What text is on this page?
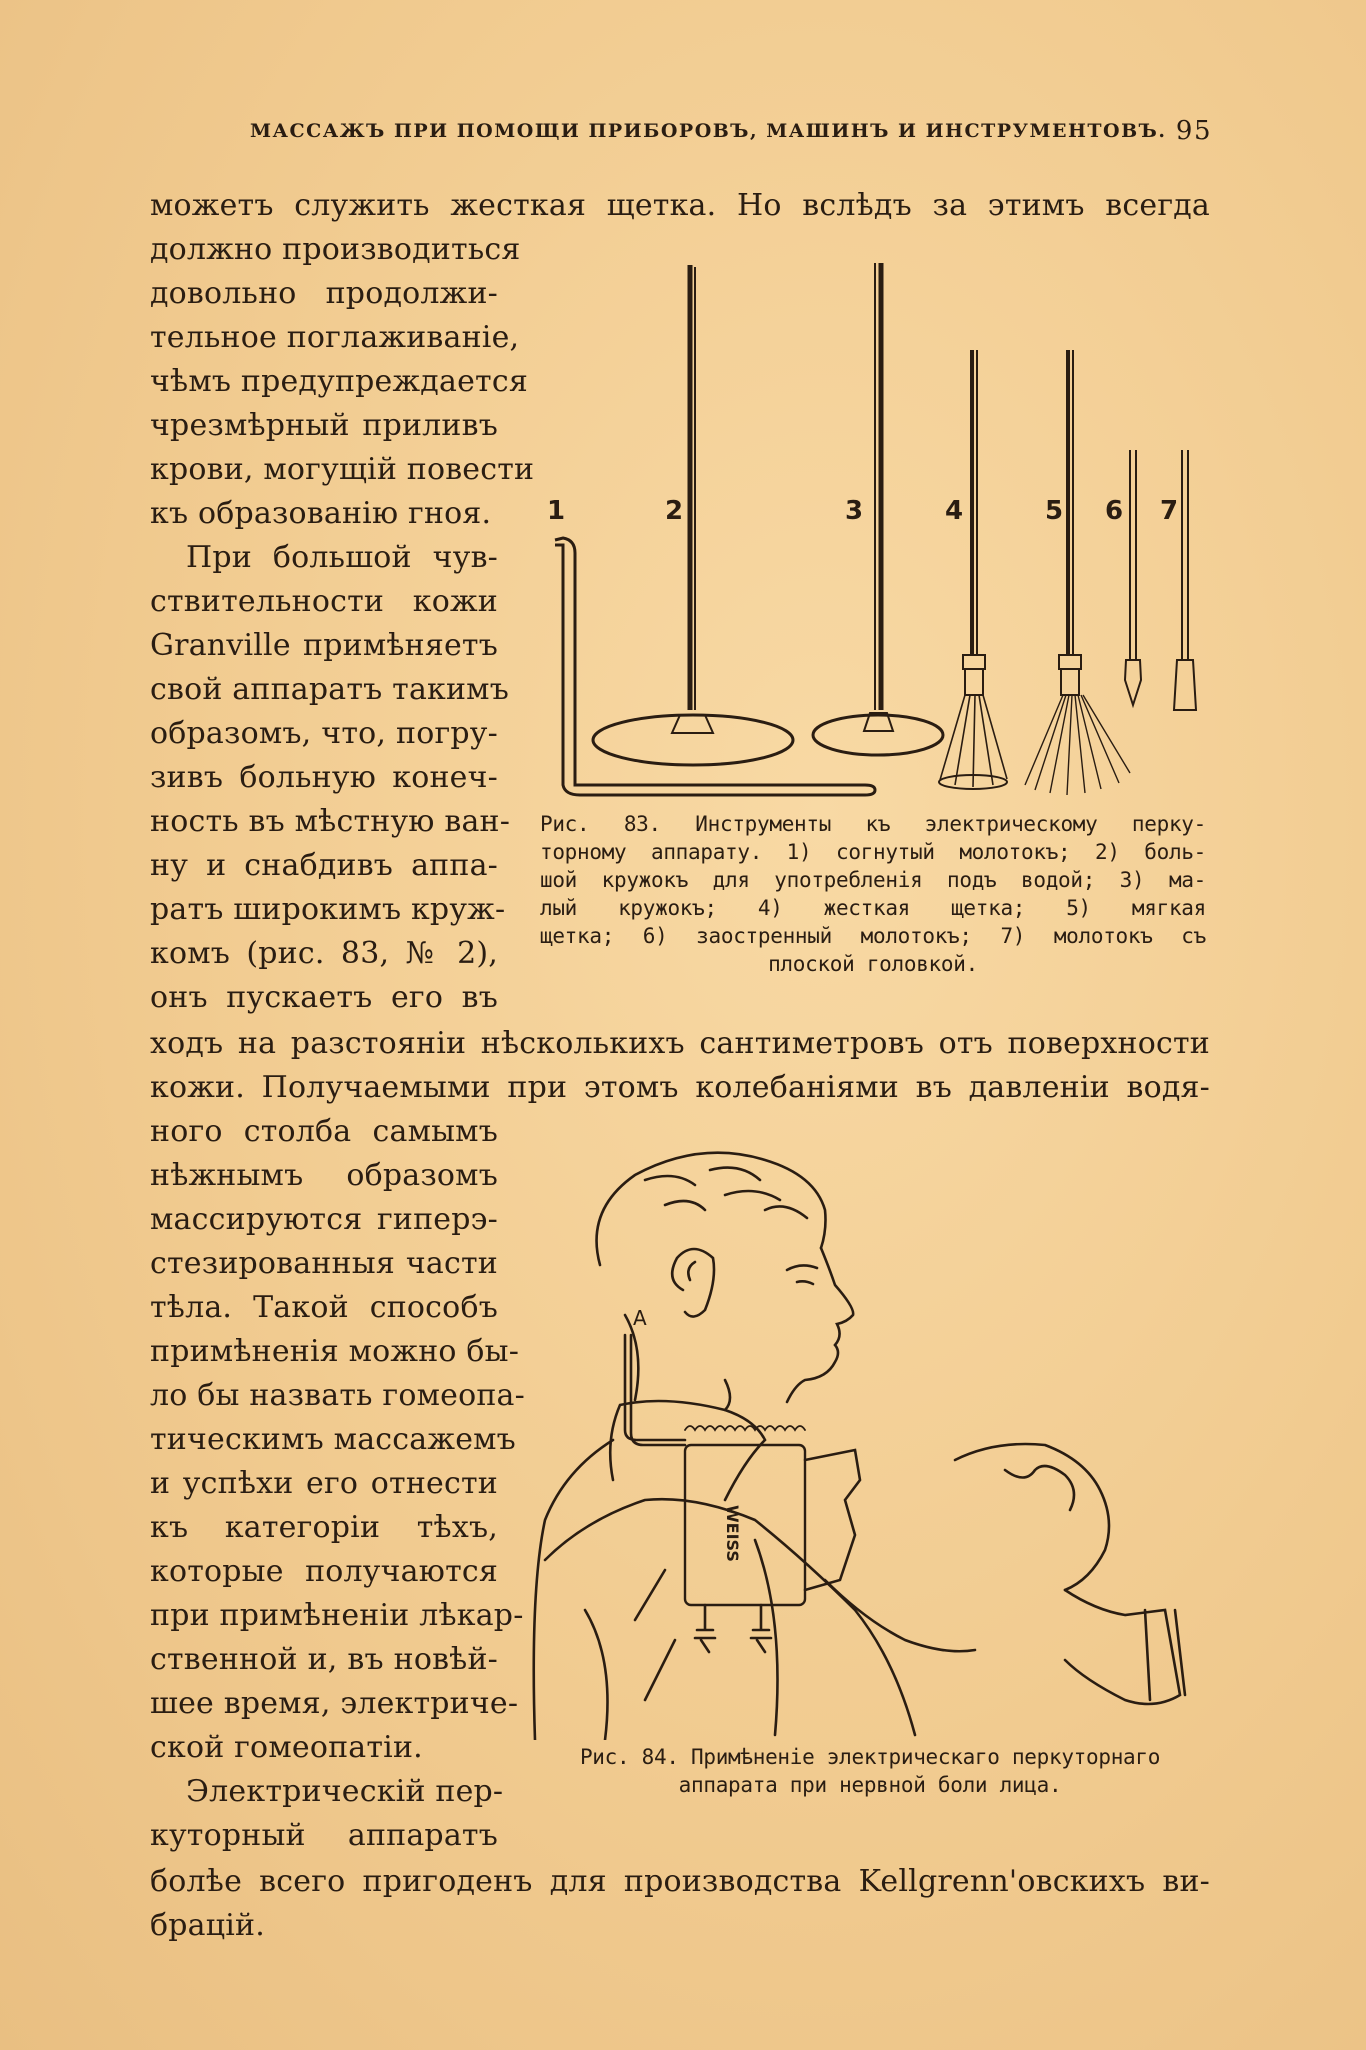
МАССАЖЪ ПРИ ПОМОЩИ ПРИБОРОВЪ, МАШИНЪ И ИНСТРУМЕНТОВЪ. 95
можетъ служить жесткая щетка. Но вслѣдъ за этимъ всегда
должно производиться
довольно продолжи-
тельное поглаживаніе,
чѣмъ предупреждается
чрезмѣрный приливъ
крови, могущій повести
къ образованію гноя.
При большой чув-
ствительности кожи
Granville примѣняетъ
свой аппаратъ такимъ
образомъ, что, погру-
зивъ больную конеч-
ность въ мѣстную ван-
ну и снабдивъ аппа-
ратъ широкимъ круж-
комъ (рис. 83, № 2),
онъ пускаетъ его въ
ходъ на разстояніи нѣсколькихъ сантиметровъ отъ поверхности
кожи. Получаемыми при этомъ колебаніями въ давленіи водя-
ного столба самымъ
нѣжнымъ образомъ
массируются гиперэ-
стезированныя части
тѣла. Такой способъ
примѣненія можно бы-
ло бы назвать гомеопа-
тическимъ массажемъ
и успѣхи его отнести
къ категоріи тѣхъ,
которые получаются
при примѣненіи лѣкар-
ственной и, въ новѣй-
шее время, электриче-
ской гомеопатіи.
Электрическій пер-
куторный аппаратъ
болѣе всего пригоденъ для производства Kellgrenn'овскихъ ви-
брацій.
1	2	3	4	5 6 7
Рис. 83. Инструменты къ электрическому перку-
торному аппарату. 1) согнутый молотокъ; 2) боль-
шой кружокъ для употребленія подъ водой; 3) ма-
лый кружокъ; 4) жесткая щетка; 5) мягкая
щетка; 6) заостренный молотокъ; 7) молотокъ съ
плоской головкой.
A
WEISS
Рис. 84. Примѣненіе электрическаго перкуторнаго
аппарата при нервной боли лица.
